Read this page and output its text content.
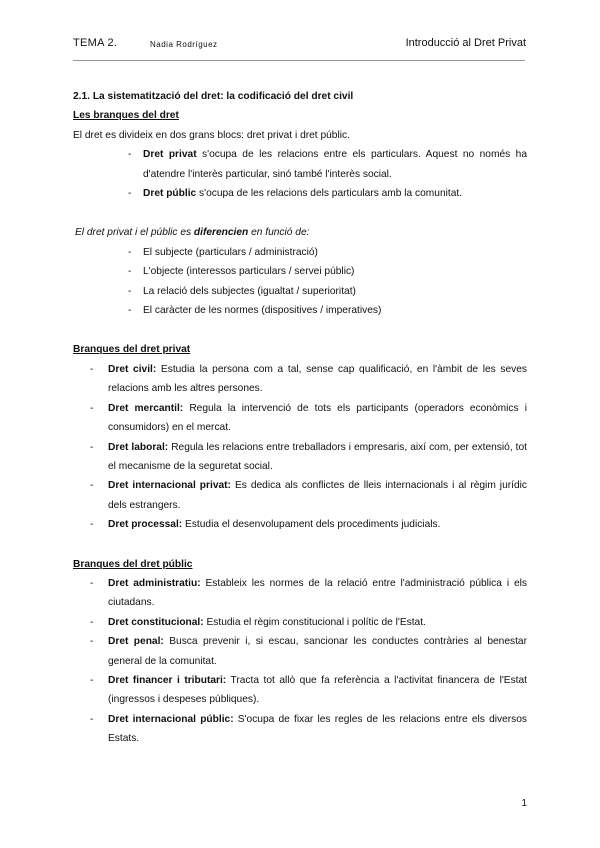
TEMA 2.	Nadia Rodríguez	Introducció al Dret Privat

2.1. La sistematització del dret: la codificació del dret civil

Les branques del dret

El dret es divideix en dos grans blocs: dret privat i dret públic.

- Dret privat s'ocupa de les relacions entre els particulars. Aquest no només ha d'atendre l'interès particular, sinó també l'interès social.
- Dret públic s'ocupa de les relacions dels particulars amb la comunitat.

El dret privat i el públic es diferencien en funció de:

- El subjecte (particulars / administració)
- L'objecte (interessos particulars / servei públic)
- La relació dels subjectes (igualtat / superioritat)
- El caràcter de les normes (dispositives / imperatives)

Branques del dret privat

- Dret civil: Estudia la persona com a tal, sense cap qualificació, en l'àmbit de les seves relacions amb les altres persones.
- Dret mercantil: Regula la intervenció de tots els participants (operadors econòmics i consumidors) en el mercat.
- Dret laboral: Regula les relacions entre treballadors i empresaris, així com, per extensió, tot el mecanisme de la seguretat social.
- Dret internacional privat: Es dedica als conflictes de lleis internacionals i al règim jurídic dels estrangers.
- Dret processal: Estudia el desenvolupament dels procediments judicials.

Branques del dret públic

- Dret administratiu: Estableix les normes de la relació entre l'administració pública i els ciutadans.
- Dret constitucional: Estudia el règim constitucional i polític de l'Estat.
- Dret penal: Busca prevenir i, si escau, sancionar les conductes contràries al benestar general de la comunitat.
- Dret financer i tributari: Tracta tot allò que fa referència a l'activitat financera de l'Estat (ingressos i despeses públiques).
- Dret internacional públic: S'ocupa de fixar les regles de les relacions entre els diversos Estats.
1
